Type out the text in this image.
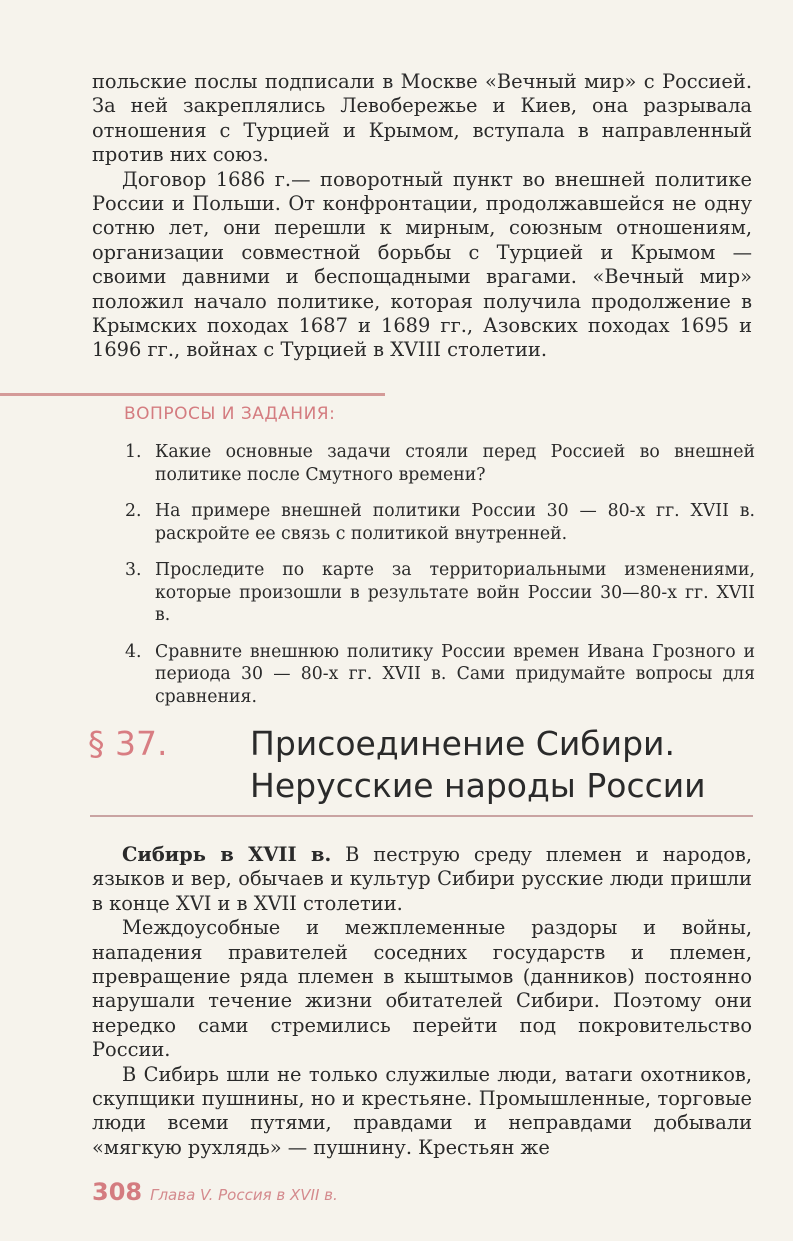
польские послы подписали в Москве «Вечный мир» с Россией. За ней закреплялись Левобережье и Киев, она разрывала отношения с Турцией и Крымом, вступала в направленный против них союз.

Договор 1686 г.— поворотный пункт во внешней политике России и Польши. От конфронтации, продолжавшейся не одну сотню лет, они перешли к мирным, союзным отношениям, организации совместной борьбы с Турцией и Крымом — своими давними и беспощадными врагами. «Вечный мир» положил начало политике, которая получила продолжение в Крымских походах 1687 и 1689 гг., Азовских походах 1695 и 1696 гг., войнах с Турцией в XVIII столетии.

ВОПРОСЫ И ЗАДАНИЯ:
1. Какие основные задачи стояли перед Россией во внешней политике после Смутного времени?
2. На примере внешней политики России 30 — 80-х гг. XVII в. раскройте ее связь с политикой внутренней.
3. Проследите по карте за территориальными изменениями, которые произошли в результате войн России 30—80-х гг. XVII в.
4. Сравните внешнюю политику России времен Ивана Грозного и периода 30 — 80-х гг. XVII в. Сами придумайте вопросы для сравнения.
§ 37.	Присоединение Сибири.
Нерусские народы России

Сибирь в XVII в. В пеструю среду племен и народов, языков и вер, обычаев и культур Сибири русские люди пришли в конце XVI и в XVII столетии.

Междоусобные и межплеменные раздоры и войны, нападения правителей соседних государств и племен, превращение ряда племен в кыштымов (данников) постоянно нарушали течение жизни обитателей Сибири. Поэтому они нередко сами стремились перейти под покровительство России.

В Сибирь шли не только служилые люди, ватаги охотников, скупщики пушнины, но и крестьяне. Промышленные, торговые люди всеми путями, правдами и неправдами добывали «мягкую рухлядь» — пушнину. Крестьян же

308 Глава V. Россия в XVII в.
